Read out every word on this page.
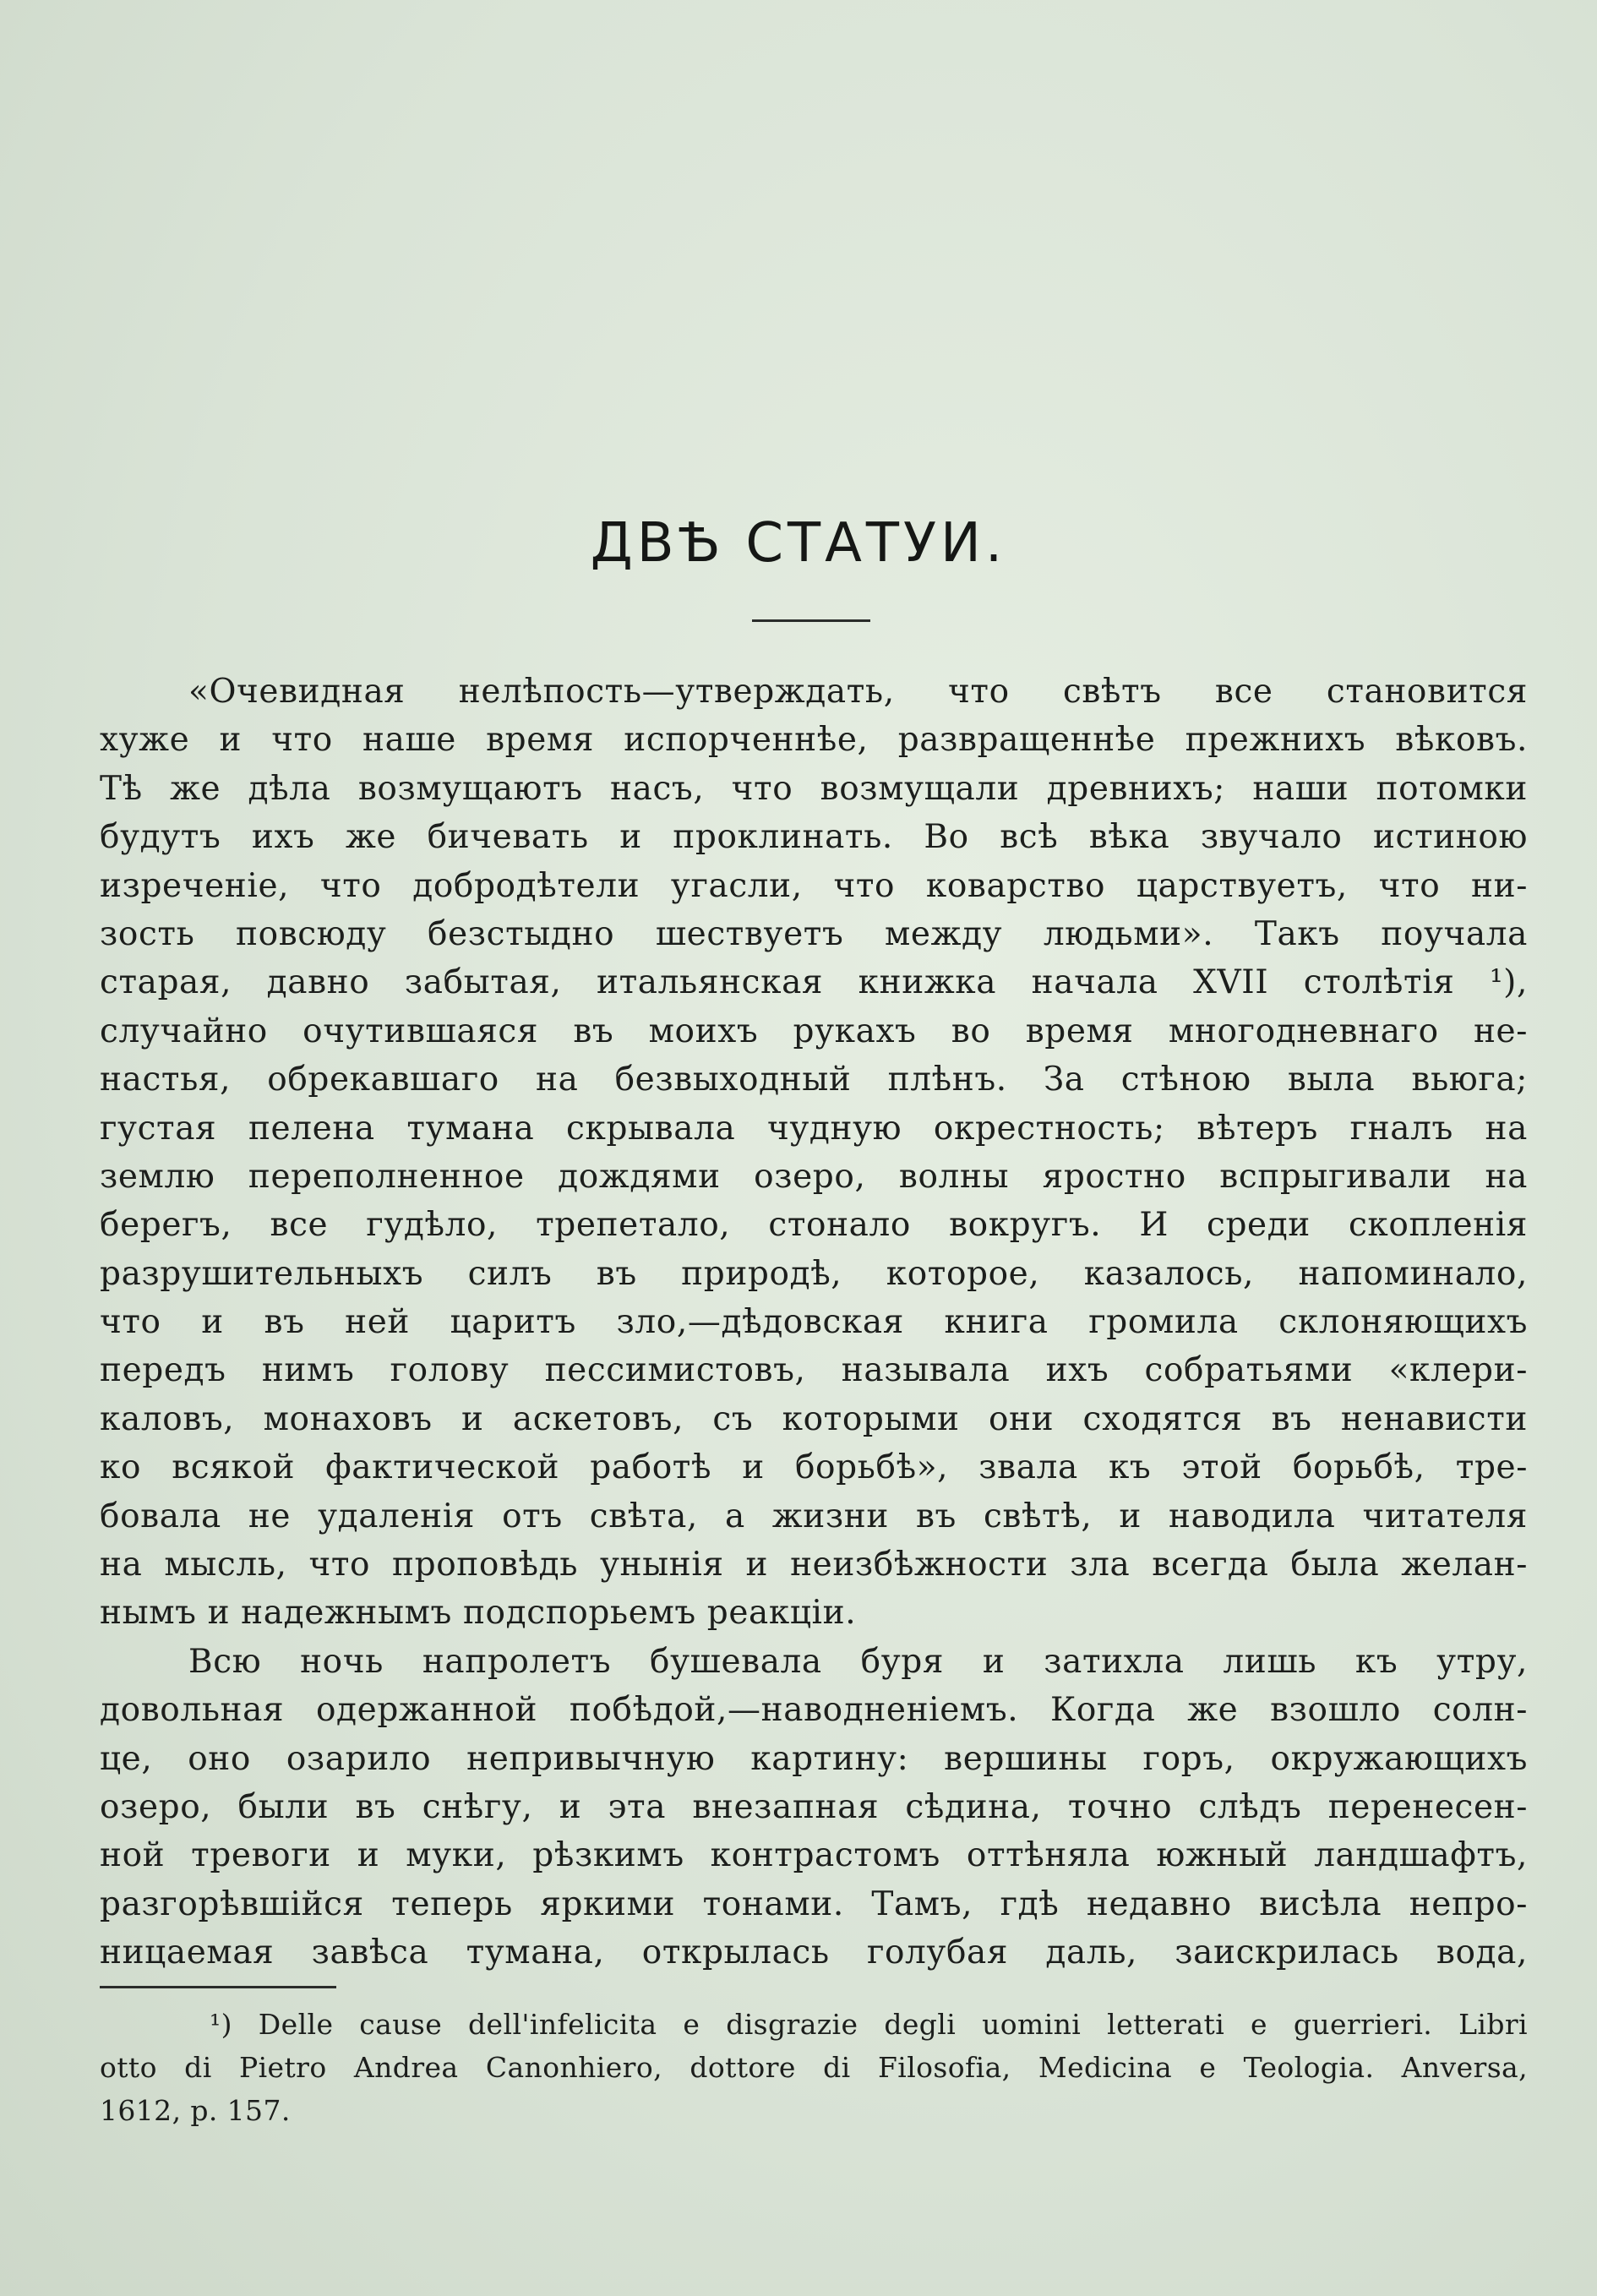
ДВѢ СТАТУИ.
«Очевидная нелѣпость—утверждать, что свѣтъ все становится
хуже и что наше время испорченнѣе, развращеннѣе прежнихъ вѣковъ.
Тѣ же дѣла возмущаютъ насъ, что возмущали древнихъ; наши потомки
будутъ ихъ же бичевать и проклинать. Во всѣ вѣка звучало истиною
изреченіе, что добродѣтели угасли, что коварство царствуетъ, что ни-
зость повсюду безстыдно шествуетъ между людьми». Такъ поучала
старая, давно забытая, итальянская книжка начала XVII столѣтія ¹),
случайно очутившаяся въ моихъ рукахъ во время многодневнаго не-
настья, обрекавшаго на безвыходный плѣнъ. За стѣною выла вьюга;
густая пелена тумана скрывала чудную окрестность; вѣтеръ гналъ на
землю переполненное дождями озеро, волны яростно вспрыгивали на
берегъ, все гудѣло, трепетало, стонало вокругъ. И среди скопленія
разрушительныхъ силъ въ природѣ, которое, казалось, напоминало,
что и въ ней царитъ зло,—дѣдовская книга громила склоняющихъ
передъ нимъ голову пессимистовъ, называла ихъ собратьями «клери-
каловъ, монаховъ и аскетовъ, съ которыми они сходятся въ ненависти
ко всякой фактической работѣ и борьбѣ», звала къ этой борьбѣ, тре-
бовала не удаленія отъ свѣта, а жизни въ свѣтѣ, и наводила читателя
на мысль, что проповѣдь унынія и неизбѣжности зла всегда была желан-
нымъ и надежнымъ подспорьемъ реакціи.
Всю ночь напролетъ бушевала буря и затихла лишь къ утру,
довольная одержанной побѣдой,—наводненіемъ. Когда же взошло солн-
це, оно озарило непривычную картину: вершины горъ, окружающихъ
озеро, были въ снѣгу, и эта внезапная сѣдина, точно слѣдъ перенесен-
ной тревоги и муки, рѣзкимъ контрастомъ оттѣняла южный ландшафтъ,
разгорѣвшійся теперь яркими тонами. Тамъ, гдѣ недавно висѣла непро-
ницаемая завѣса тумана, открылась голубая даль, заискрилась вода,
¹) Delle cause dell'infelicita e disgrazie degli uomini letterati e guerrieri. Libri
otto di Pietro Andrea Canonhiero, dottore di Filosofia, Medicina e Teologia. Anversa,
1612, p. 157.
